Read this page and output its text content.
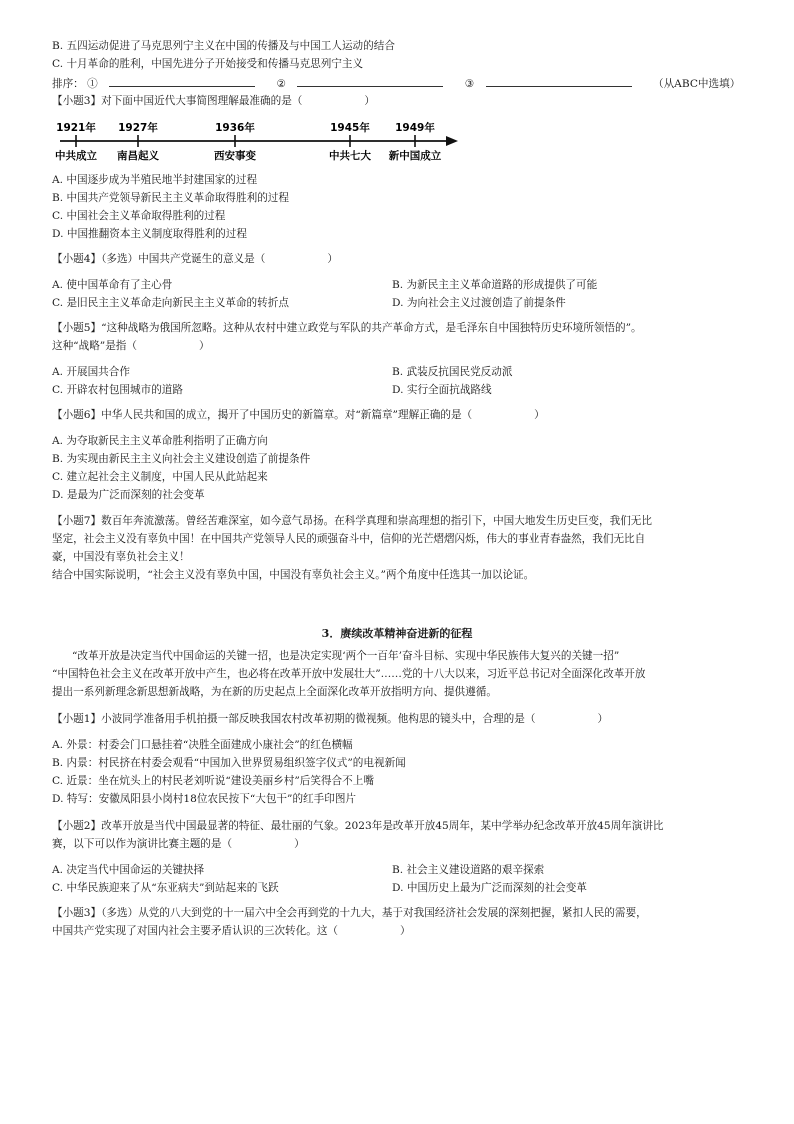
B. 五四运动促进了马克思列宁主义在中国的传播及与中国工人运动的结合
C. 十月革命的胜利，中国先进分子开始接受和传播马克思列宁主义
排序： ①	②	③	（从ABC中选填）
【小题3】对下面中国近代大事简图理解最准确的是（	）
1921年
中共成立
1927年
南昌起义
1936年
西安事变
1945年
中共七大
1949年
新中国成立
A. 中国逐步成为半殖民地半封建国家的过程
B. 中国共产党领导新民主主义革命取得胜利的过程
C. 中国社会主义革命取得胜利的过程
D. 中国推翻资本主义制度取得胜利的过程
【小题4】（多选）中国共产党诞生的意义是（	）
A. 使中国革命有了主心骨	B. 为新民主主义革命道路的形成提供了可能
C. 是旧民主主义革命走向新民主主义革命的转折点	D. 为向社会主义过渡创造了前提条件
【小题5】“这种战略为俄国所忽略。这种从农村中建立政党与军队的共产革命方式，是毛泽东自中国独特历史环境所领悟的”。
这种“战略”是指（	）
A. 开展国共合作	B. 武装反抗国民党反动派
C. 开辟农村包围城市的道路	D. 实行全面抗战路线
【小题6】中华人民共和国的成立，揭开了中国历史的新篇章。对“新篇章”理解正确的是（	）
A. 为夺取新民主主义革命胜利指明了正确方向
B. 为实现由新民主主义向社会主义建设创造了前提条件
C. 建立起社会主义制度，中国人民从此站起来
D. 是最为广泛而深刻的社会变革
【小题7】数百年奔流激荡。曾经苦难深室，如今意气昂扬。在科学真理和崇高理想的指引下，中国大地发生历史巨变，我们无比
坚定，社会主义没有辜负中国！在中国共产党领导人民的顽强奋斗中，信仰的光芒熠熠闪烁，伟大的事业青春盎然，我们无比自
豪，中国没有辜负社会主义！
结合中国实际说明，“社会主义没有辜负中国，中国没有辜负社会主义。”两个角度中任选其一加以论证。
3．赓续改革精神奋进新的征程
“改革开放是决定当代中国命运的关键一招，也是决定实现‘两个一百年’奋斗目标、实现中华民族伟大复兴的关键一招”
“中国特色社会主义在改革开放中产生，也必将在改革开放中发展壮大”……党的十八大以来，习近平总书记对全面深化改革开放
提出一系列新理念新思想新战略，为在新的历史起点上全面深化改革开放指明方向、提供遵循。
【小题1】小波同学准备用手机拍摄一部反映我国农村改革初期的微视频。他构思的镜头中，合理的是（	）
A. 外景：村委会门口悬挂着“决胜全面建成小康社会”的红色横幅
B. 内景：村民挤在村委会观看“中国加入世界贸易组织签字仪式”的电视新闻
C. 近景：坐在炕头上的村民老刘听说“建设美丽乡村”后笑得合不上嘴
D. 特写：安徽凤阳县小岗村18位农民按下“大包干”的红手印图片
【小题2】改革开放是当代中国最显著的特征、最壮丽的气象。2023年是改革开放45周年，某中学举办纪念改革开放45周年演讲比
赛，以下可以作为演讲比赛主题的是（	）
A. 决定当代中国命运的关键抉择	B. 社会主义建设道路的艰辛探索
C. 中华民族迎来了从“东亚病夫”到站起来的飞跃	D. 中国历史上最为广泛而深刻的社会变革
【小题3】（多选）从党的八大到党的十一届六中全会再到党的十九大，基于对我国经济社会发展的深刻把握，紧扣人民的需要，
中国共产党实现了对国内社会主要矛盾认识的三次转化。这（	）
